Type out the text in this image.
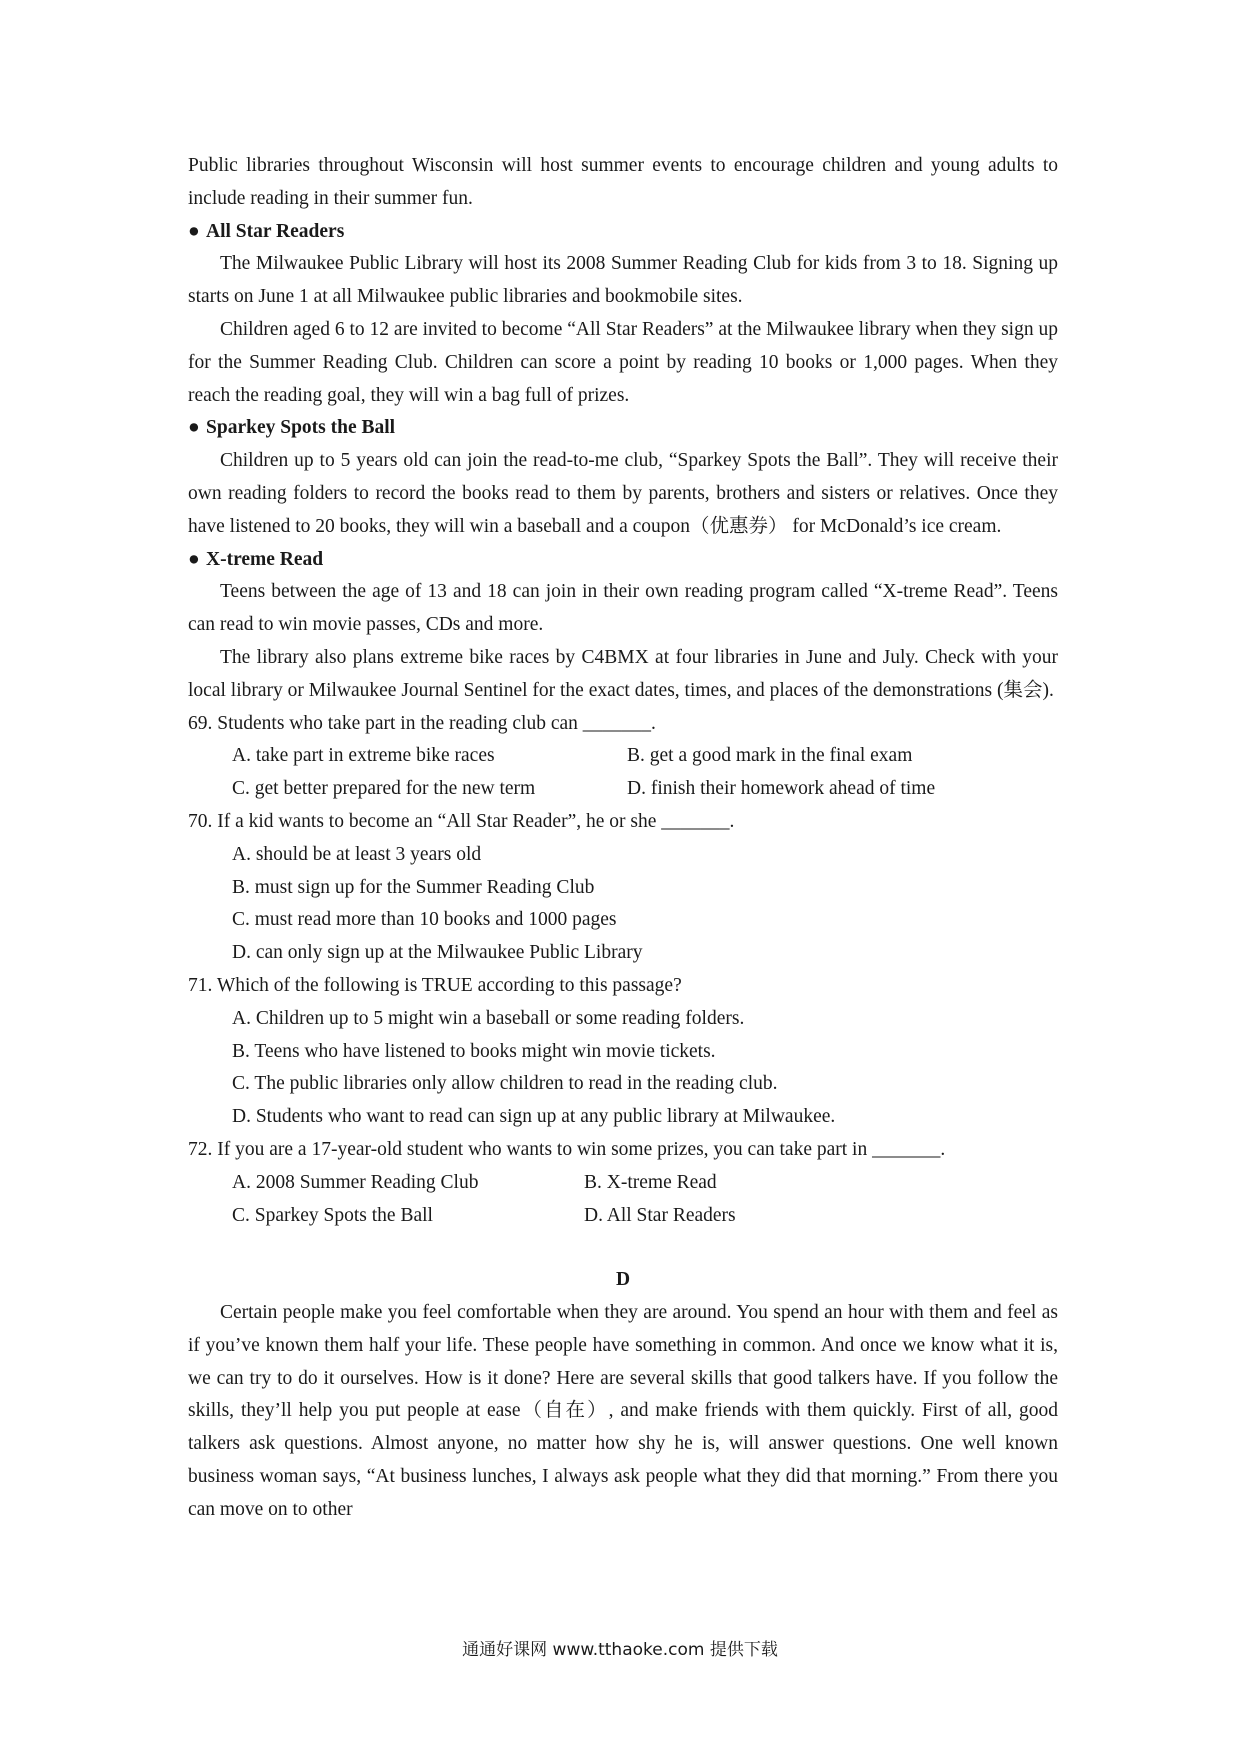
Public libraries throughout Wisconsin will host summer events to encourage children and young adults to include reading in their summer fun.

● All Star Readers

The Milwaukee Public Library will host its 2008 Summer Reading Club for kids from 3 to 18. Signing up starts on June 1 at all Milwaukee public libraries and bookmobile sites.

Children aged 6 to 12 are invited to become “All Star Readers” at the Milwaukee library when they sign up for the Summer Reading Club. Children can score a point by reading 10 books or 1,000 pages. When they reach the reading goal, they will win a bag full of prizes.

● Sparkey Spots the Ball

Children up to 5 years old can join the read-to-me club, “Sparkey Spots the Ball”. They will receive their own reading folders to record the books read to them by parents, brothers and sisters or relatives. Once they have listened to 20 books, they will win a baseball and a coupon（优惠券） for McDonald’s ice cream.

● X-treme Read

Teens between the age of 13 and 18 can join in their own reading program called “X-treme Read”. Teens can read to win movie passes, CDs and more.

The library also plans extreme bike races by C4BMX at four libraries in June and July. Check with your local library or Milwaukee Journal Sentinel for the exact dates, times, and places of the demonstrations (集会).

69. Students who take part in the reading club can _______.

A. take part in extreme bike races	B. get a good mark in the final exam
C. get better prepared for the new term	D. finish their homework ahead of time

70. If a kid wants to become an “All Star Reader”, he or she _______.

A. should be at least 3 years old

B. must sign up for the Summer Reading Club

C. must read more than 10 books and 1000 pages

D. can only sign up at the Milwaukee Public Library

71. Which of the following is TRUE according to this passage?

A. Children up to 5 might win a baseball or some reading folders.

B. Teens who have listened to books might win movie tickets.

C. The public libraries only allow children to read in the reading club.

D. Students who want to read can sign up at any public library at Milwaukee.

72. If you are a 17-year-old student who wants to win some prizes, you can take part in _______.

A. 2008 Summer Reading Club	B. X-treme Read
C. Sparkey Spots the Ball	D. All Star Readers

D

Certain people make you feel comfortable when they are around. You spend an hour with them and feel as if you’ve known them half your life. These people have something in common. And once we know what it is, we can try to do it ourselves. How is it done? Here are several skills that good talkers have. If you follow the skills, they’ll help you put people at ease（自在）, and make friends with them quickly. First of all, good talkers ask questions. Almost anyone, no matter how shy he is, will answer questions. One well known business woman says, “At business lunches, I always ask people what they did that morning.” From there you can move on to other

通通好课网 www.tthaoke.com 提供下载
